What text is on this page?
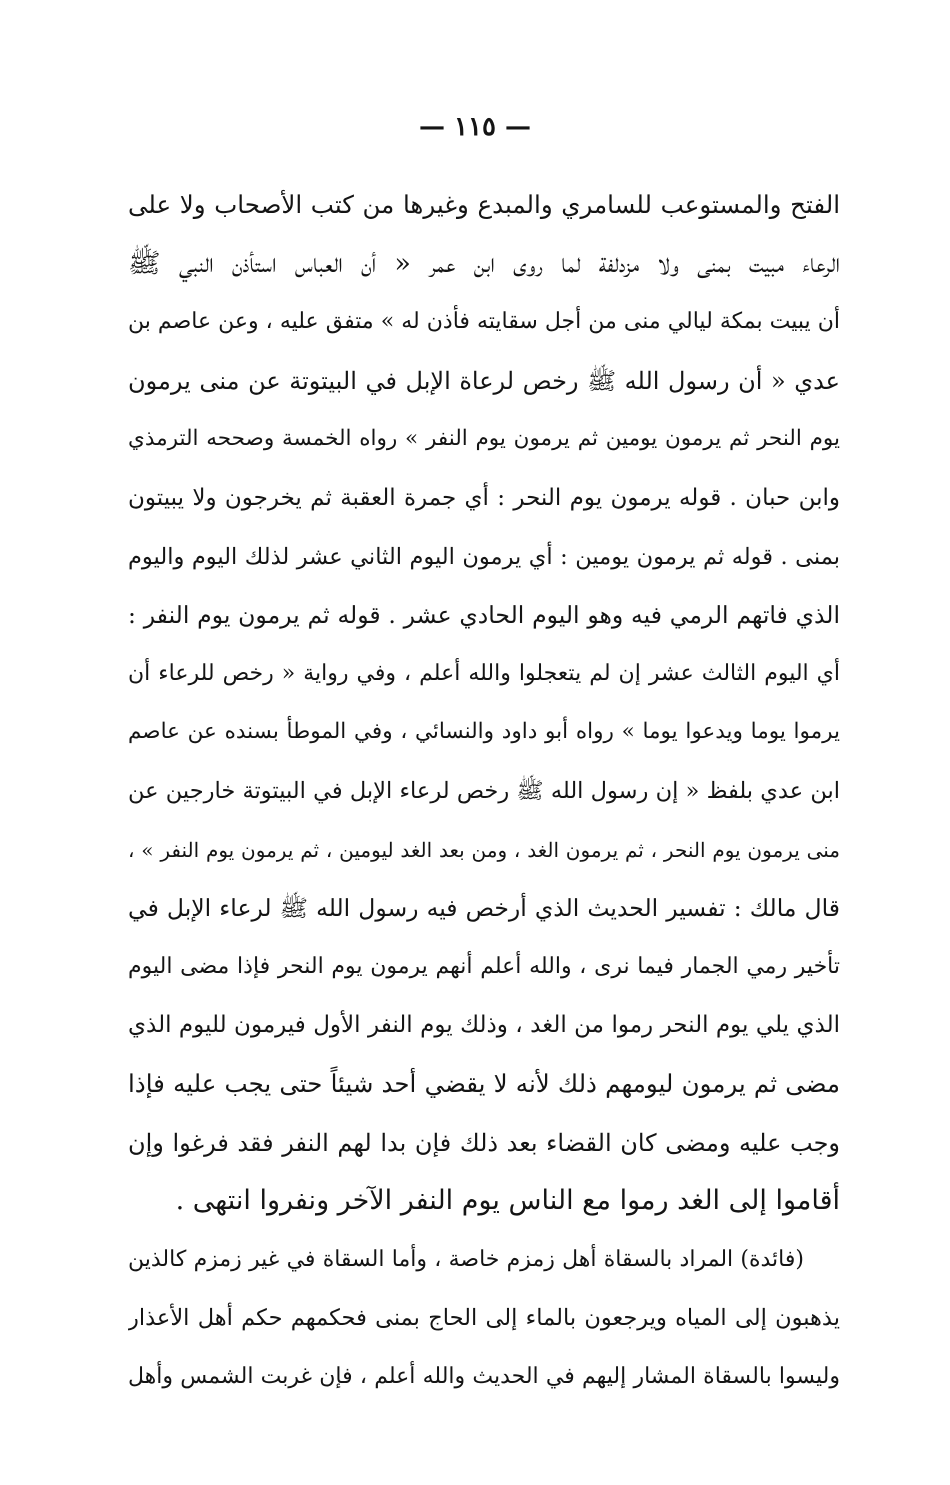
— ١١٥ —
الفتح والمستوعب للسامري والمبدع وغيرها من كتب الأصحاب ولا على
الرعاء مبيت بمنى ولا مزدلفة لما روى ابن عمر « أن العباس استأذن النبي ﷺ
أن يبيت بمكة ليالي منى من أجل سقايته فأذن له » متفق عليه ، وعن عاصم بن
عدي « أن رسول الله ﷺ رخص لرعاة الإبل في البيتوتة عن منى يرمون
يوم النحر ثم يرمون يومين ثم يرمون يوم النفر » رواه الخمسة وصححه الترمذي
وابن حبان . قوله يرمون يوم النحر : أي جمرة العقبة ثم يخرجون ولا يبيتون
بمنى . قوله ثم يرمون يومين : أي يرمون اليوم الثاني عشر لذلك اليوم واليوم
الذي فاتهم الرمي فيه وهو اليوم الحادي عشر . قوله ثم يرمون يوم النفر :
أي اليوم الثالث عشر إن لم يتعجلوا والله أعلم ، وفي رواية « رخص للرعاء أن
يرموا يوما ويدعوا يوما » رواه أبو داود والنسائي ، وفي الموطأ بسنده عن عاصم
ابن عدي بلفظ « إن رسول الله ﷺ رخص لرعاء الإبل في البيتوتة خارجين عن
منى يرمون يوم النحر ، ثم يرمون الغد ، ومن بعد الغد ليومين ، ثم يرمون يوم النفر » ،
قال مالك : تفسير الحديث الذي أرخص فيه رسول الله ﷺ لرعاء الإبل في
تأخير رمي الجمار فيما نرى ، والله أعلم أنهم يرمون يوم النحر فإذا مضى اليوم
الذي يلي يوم النحر رموا من الغد ، وذلك يوم النفر الأول فيرمون لليوم الذي
مضى ثم يرمون ليومهم ذلك لأنه لا يقضي أحد شيئاً حتى يجب عليه فإذا
وجب عليه ومضى كان القضاء بعد ذلك فإن بدا لهم النفر فقد فرغوا وإن
أقاموا إلى الغد رموا مع الناس يوم النفر الآخر ونفروا انتهى .
(فائدة) المراد بالسقاة أهل زمزم خاصة ، وأما السقاة في غير زمزم كالذين
يذهبون إلى المياه ويرجعون بالماء إلى الحاج بمنى فحكمهم حكم أهل الأعذار
وليسوا بالسقاة المشار إليهم في الحديث والله أعلم ، فإن غربت الشمس وأهل
